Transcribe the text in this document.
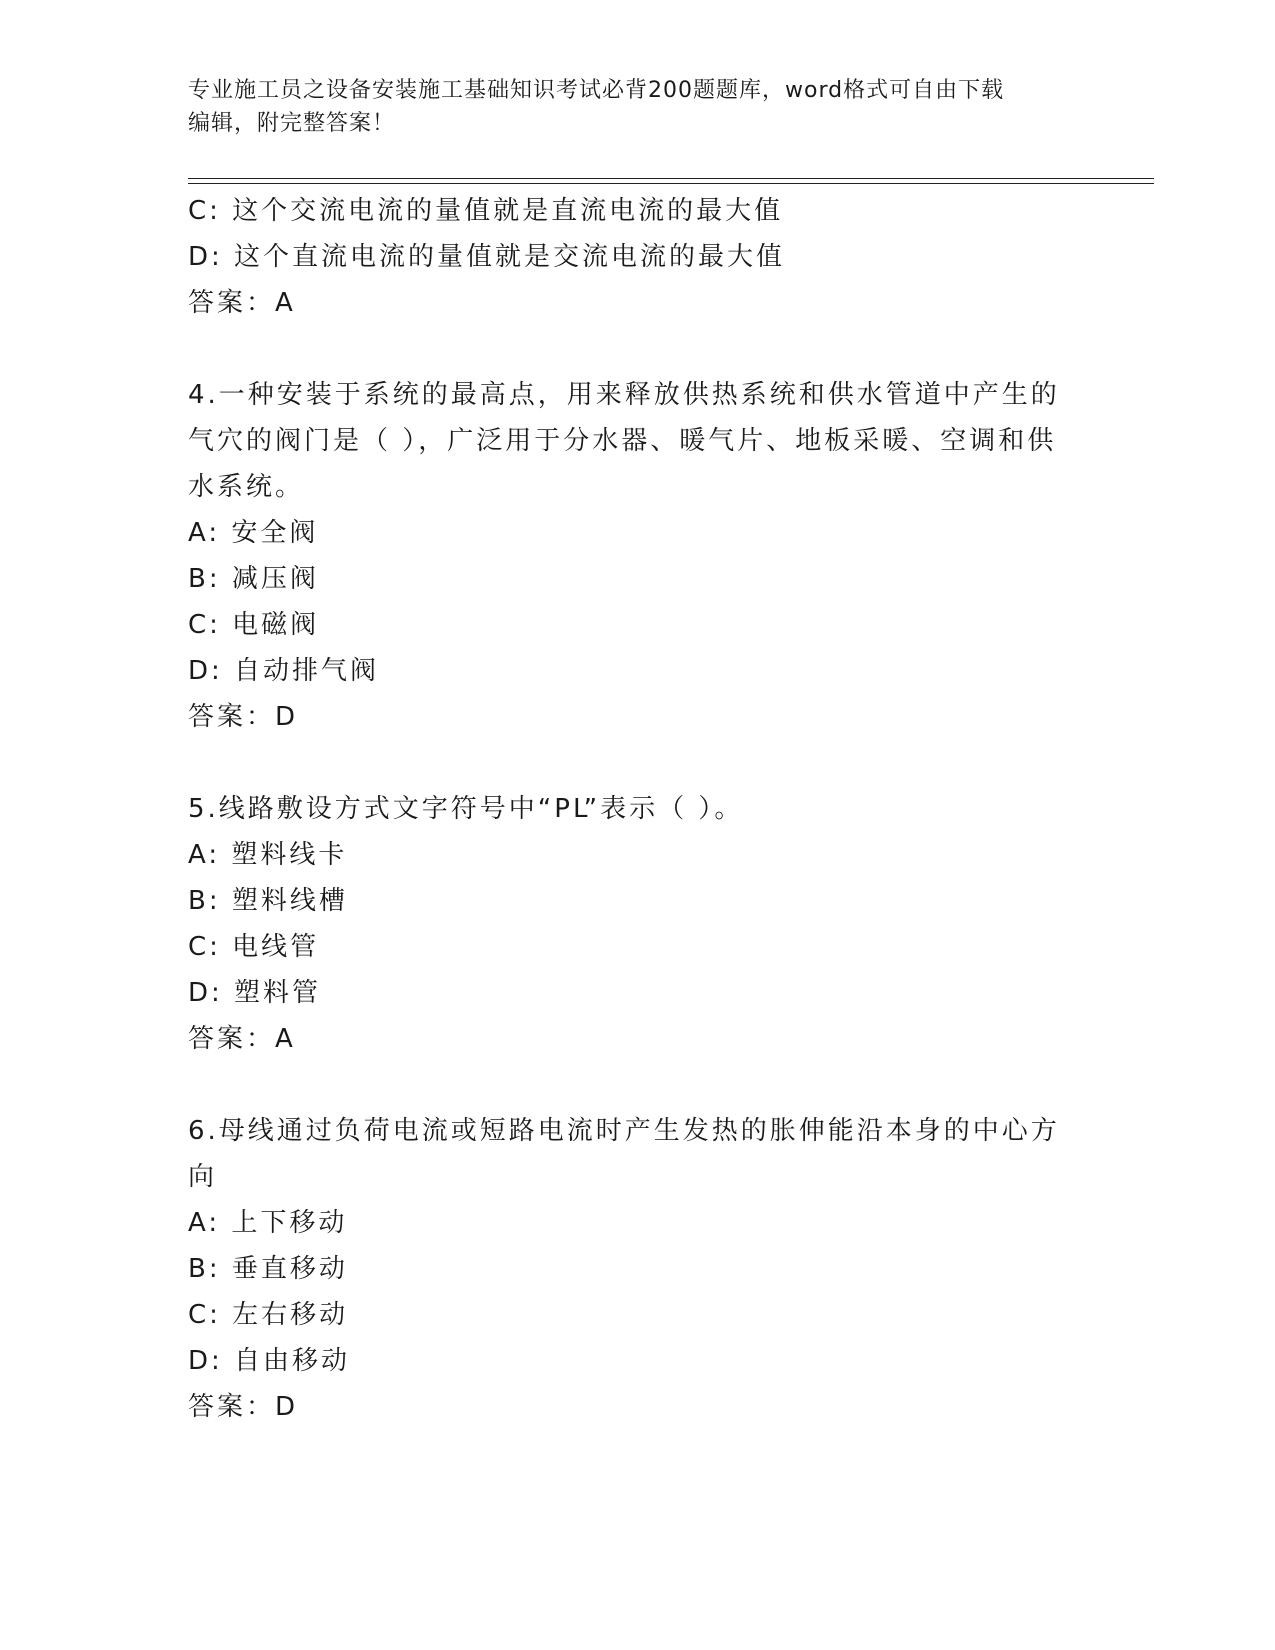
专业施工员之设备安装施工基础知识考试必背200题题库，word格式可自由下载
编辑，附完整答案！
C: 这个交流电流的量值就是直流电流的最大值
D: 这个直流电流的量值就是交流电流的最大值
答案：A
4.一种安装于系统的最高点，用来释放供热系统和供水管道中产生的
气穴的阀门是（ ），广泛用于分水器、暖气片、地板采暖、空调和供
水系统。
A: 安全阀
B: 减压阀
C: 电磁阀
D: 自动排气阀
答案：D
5.线路敷设方式文字符号中“PL”表示（ ）。
A: 塑料线卡
B: 塑料线槽
C: 电线管
D: 塑料管
答案：A
6.母线通过负荷电流或短路电流时产生发热的胀伸能沿本身的中心方
向
A: 上下移动
B: 垂直移动
C: 左右移动
D: 自由移动
答案：D
